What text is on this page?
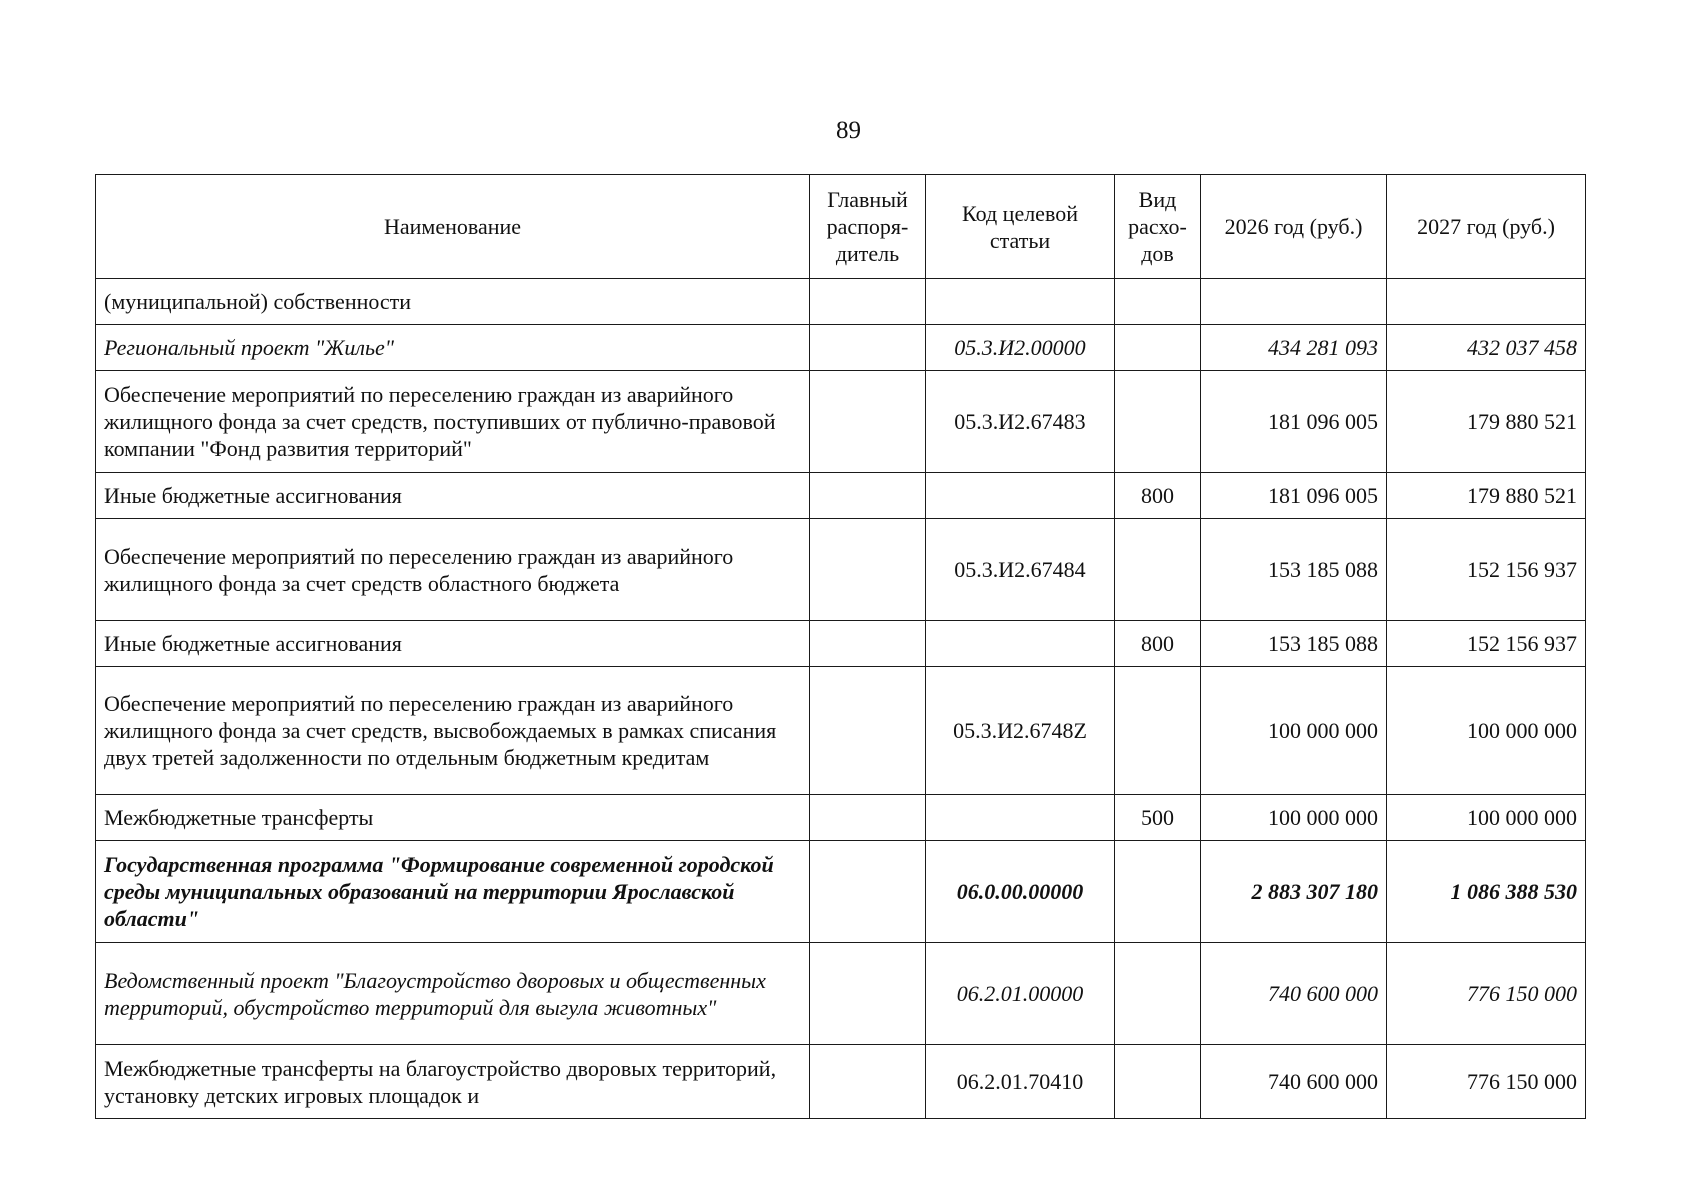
89
Наименование	Главный распоря-дитель	Код целевой статьи	Вид расхо-дов	2026 год (руб.)	2027 год (руб.)
(муниципальной) собственности					
Региональный проект "Жилье"		05.3.И2.00000		434 281 093	432 037 458
Обеспечение мероприятий по переселению граждан из аварийного жилищного фонда за счет средств, поступивших от публично-правовой компании "Фонд развития территорий"		05.3.И2.67483		181 096 005	179 880 521
Иные бюджетные ассигнования			800	181 096 005	179 880 521
Обеспечение мероприятий по переселению граждан из аварийного жилищного фонда за счет средств областного бюджета		05.3.И2.67484		153 185 088	152 156 937
Иные бюджетные ассигнования			800	153 185 088	152 156 937
Обеспечение мероприятий по переселению граждан из аварийного жилищного фонда за счет средств, высвобождаемых в рамках списания двух третей задолженности по отдельным бюджетным кредитам		05.3.И2.6748Z		100 000 000	100 000 000
Межбюджетные трансферты			500	100 000 000	100 000 000
Государственная программа "Формирование современной городской среды муниципальных образований на территории Ярославской области"		06.0.00.00000		2 883 307 180	1 086 388 530
Ведомственный проект "Благоустройство дворовых и общественных территорий, обустройство территорий для выгула животных"		06.2.01.00000		740 600 000	776 150 000
Межбюджетные трансферты на благоустройство дворовых территорий, установку детских игровых площадок и		06.2.01.70410		740 600 000	776 150 000
